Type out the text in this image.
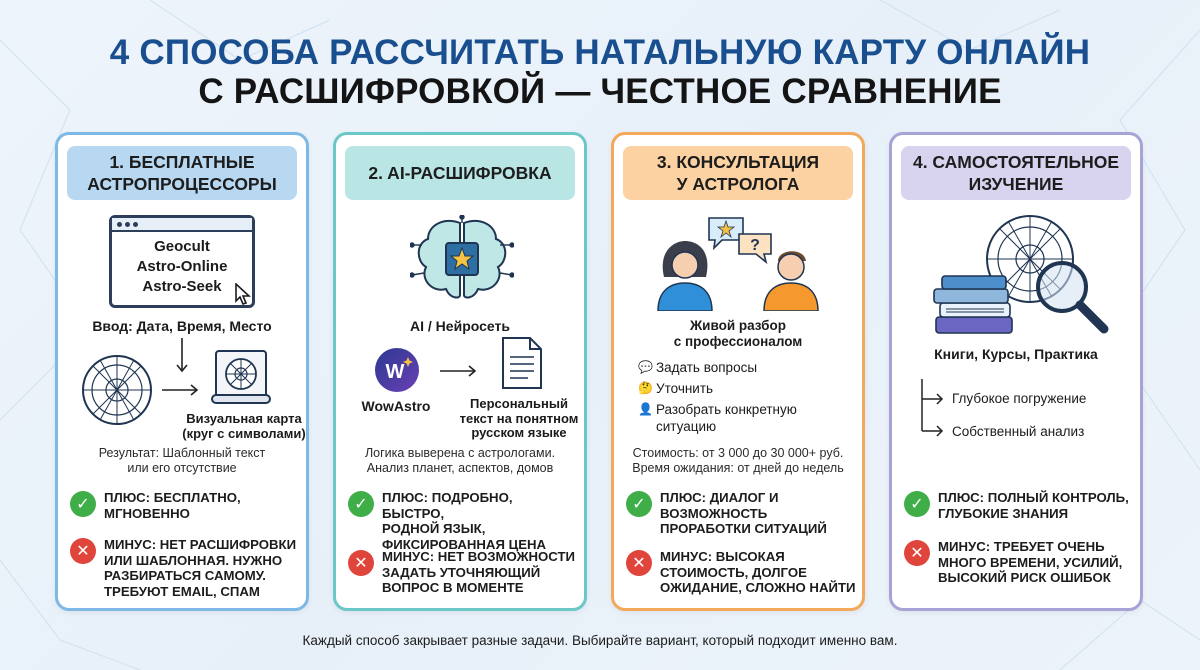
4 СПОСОБА РАССЧИТАТЬ НАТАЛЬНУЮ КАРТУ ОНЛАЙН
С РАСШИФРОВКОЙ — ЧЕСТНОЕ СРАВНЕНИЕ
1. БЕСПЛАТНЫЕ
АСТРОПРОЦЕССОРЫ
Geocult
Astro-Online
Astro-Seek
Ввод: Дата, Время, Место
Визуальная карта
(круг с символами)
Результат: Шаблонный текст
или его отсутствие
✓	ПЛЮС: БЕСПЛАТНО,
МГНОВЕННО
✕	МИНУС: НЕТ РАСШИФРОВКИ
ИЛИ ШАБЛОННАЯ. НУЖНО
РАЗБИРАТЬСЯ САМОМУ.
ТРЕБУЮТ EMAIL, СПАМ
2. AI-РАСШИФРОВКА
AI / Нейросеть
W
WowAstro	Персональный
текст на понятном
русском языке
Логика выверена с астрологами.
Анализ планет, аспектов, домов
✓	ПЛЮС: ПОДРОБНО, БЫСТРО,
РОДНОЙ ЯЗЫК,
ФИКСИРОВАННАЯ ЦЕНА
✕	МИНУС: НЕТ ВОЗМОЖНОСТИ
ЗАДАТЬ УТОЧНЯЮЩИЙ
ВОПРОС В МОМЕНТЕ
3. КОНСУЛЬТАЦИЯ
У АСТРОЛОГА
?
Живой разбор
с профессионалом
💬 Задать вопросы
🤔 Уточнить
👤 Разобрать конкретную
ситуацию
Стоимость: от 3 000 до 30 000+ руб.
Время ожидания: от дней до недель
✓	ПЛЮС: ДИАЛОГ И
ВОЗМОЖНОСТЬ
ПРОРАБОТКИ СИТУАЦИЙ
✕	МИНУС: ВЫСОКАЯ
СТОИМОСТЬ, ДОЛГОЕ
ОЖИДАНИЕ, СЛОЖНО НАЙТИ
4. САМОСТОЯТЕЛЬНОЕ
ИЗУЧЕНИЕ
Книги, Курсы, Практика
Глубокое погружение
Собственный анализ
✓	ПЛЮС: ПОЛНЫЙ КОНТРОЛЬ,
ГЛУБОКИЕ ЗНАНИЯ
✕	МИНУС: ТРЕБУЕТ ОЧЕНЬ
МНОГО ВРЕМЕНИ, УСИЛИЙ,
ВЫСОКИЙ РИСК ОШИБОК
Каждый способ закрывает разные задачи. Выбирайте вариант, который подходит именно вам.
